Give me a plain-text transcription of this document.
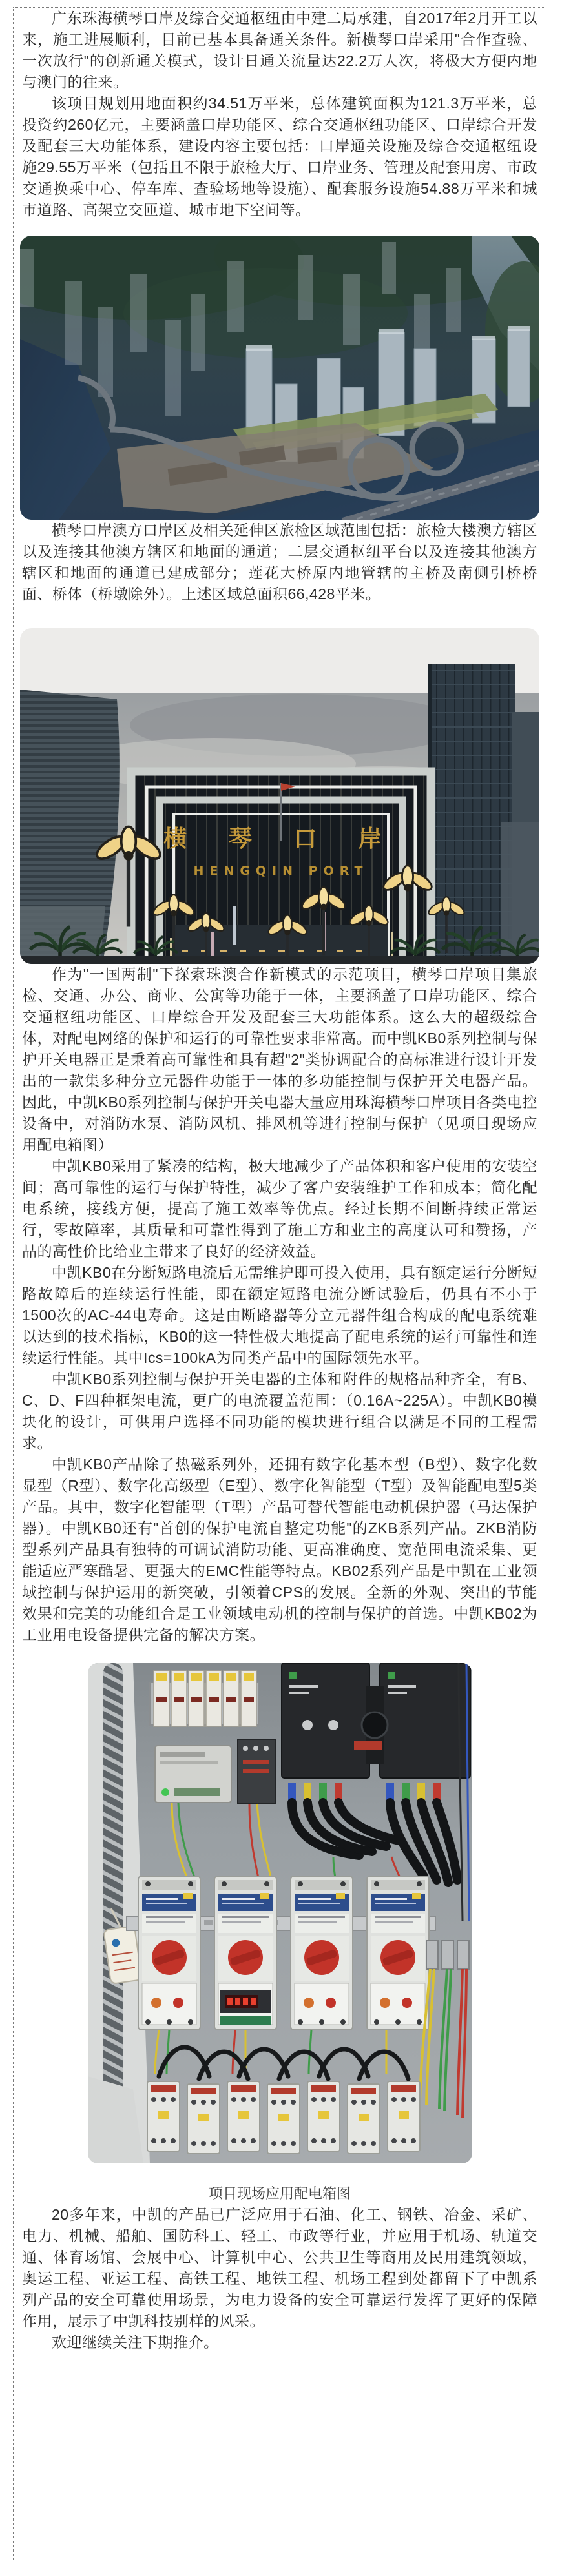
广东珠海横琴口岸及综合交通枢纽由中建二局承建，自2017年2月开工以来，施工进展顺利，目前已基本具备通关条件。新横琴口岸采用"合作查验、一次放行"的创新通关模式，设计日通关流量达22.2万人次，将极大方便内地与澳门的往来。

该项目规划用地面积约34.51万平米，总体建筑面积为121.3万平米，总投资约260亿元，主要涵盖口岸功能区、综合交通枢纽功能区、口岸综合开发及配套三大功能体系，建设内容主要包括：口岸通关设施及综合交通枢纽设施29.55万平米（包括且不限于旅检大厅、口岸业务、管理及配套用房、市政交通换乘中心、停车库、查验场地等设施）、配套服务设施54.88万平米和城市道路、高架立交匝道、城市地下空间等。

横琴口岸澳方口岸区及相关延伸区旅检区域范围包括：旅检大楼澳方辖区以及连接其他澳方辖区和地面的通道；二层交通枢纽平台以及连接其他澳方辖区和地面的通道已建成部分；莲花大桥原内地管辖的主桥及南侧引桥桥面、桥体（桥墩除外）。上述区域总面积66,428平米。

横 琴 口 岸
HENGQIN PORT

作为"一国两制"下探索珠澳合作新模式的示范项目，横琴口岸项目集旅检、交通、办公、商业、公寓等功能于一体，主要涵盖了口岸功能区、综合交通枢纽功能区、口岸综合开发及配套三大功能体系。这么大的超级综合体，对配电网络的保护和运行的可靠性要求非常高。而中凯KB0系列控制与保护开关电器正是秉着高可靠性和具有超"2"类协调配合的高标准进行设计开发出的一款集多种分立元器件功能于一体的多功能控制与保护开关电器产品。因此，中凯KB0系列控制与保护开关电器大量应用珠海横琴口岸项目各类电控设备中，对消防水泵、消防风机、排风机等进行控制与保护（见项目现场应用配电箱图）

中凯KB0采用了紧凑的结构，极大地减少了产品体积和客户使用的安装空间；高可靠性的运行与保护特性，减少了客户安装维护工作和成本；简化配电系统，接线方便，提高了施工效率等优点。经过长期不间断持续正常运行，零故障率，其质量和可靠性得到了施工方和业主的高度认可和赞扬，产品的高性价比给业主带来了良好的经济效益。

中凯KB0在分断短路电流后无需维护即可投入使用，具有额定运行分断短路故障后的连续运行性能，即在额定短路电流分断试验后，仍具有不小于1500次的AC-44电寿命。这是由断路器等分立元器件组合构成的配电系统难以达到的技术指标，KB0的这一特性极大地提高了配电系统的运行可靠性和连续运行性能。其中Ics=100kA为同类产品中的国际领先水平。

中凯KB0系列控制与保护开关电器的主体和附件的规格品种齐全，有B、C、D、F四种框架电流，更广的电流覆盖范围：（0.16A~225A）。中凯KB0模块化的设计，可供用户选择不同功能的模块进行组合以满足不同的工程需求。

中凯KB0产品除了热磁系列外，还拥有数字化基本型（B型）、数字化数显型（R型）、数字化高级型（E型）、数字化智能型（T型）及智能配电型5类产品。其中，数字化智能型（T型）产品可替代智能电动机保护器（马达保护器）。中凯KB0还有"首创的保护电流自整定功能"的ZKB系列产品。ZKB消防型系列产品具有独特的可调试消防功能、更高准确度、宽范围电流采集、更能适应严寒酷暑、更强大的EMC性能等特点。KB02系列产品是中凯在工业领域控制与保护运用的新突破，引领着CPS的发展。全新的外观、突出的节能效果和完美的功能组合是工业领域电动机的控制与保护的首选。中凯KB02为工业用电设备提供完备的解决方案。

项目现场应用配电箱图

20多年来，中凯的产品已广泛应用于石油、化工、钢铁、冶金、采矿、电力、机械、船舶、国防科工、轻工、市政等行业，并应用于机场、轨道交通、体育场馆、会展中心、计算机中心、公共卫生等商用及民用建筑领域，奥运工程、亚运工程、高铁工程、地铁工程、机场工程到处都留下了中凯系列产品的安全可靠使用场景，为电力设备的安全可靠运行发挥了更好的保障作用，展示了中凯科技别样的风采。

欢迎继续关注下期推介。
